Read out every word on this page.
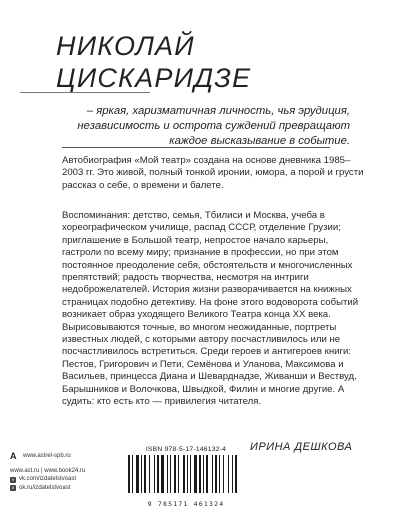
НИКОЛАЙ
ЦИСКАРИДЗЕ
– яркая, харизматичная личность, чья эрудиция, независимость и острота суждений превращают каждое высказывание в событие.
Автобиография «Мой театр» создана на основе дневника 1985–2003 гг. Это живой, полный тонкой иронии, юмора, а порой и грусти рассказ о себе, о времени и балете.
Воспоминания: детство, семья, Тбилиси и Москва, учеба в хореографическом училище, распад СССР, отделение Грузии; приглашение в Большой театр, непростое начало карьеры, гастроли по всему миру; признание в профессии, но при этом постоянное преодоление себя, обстоятельств и многочисленных препятствий; радость творчества, несмотря на интриги недоброжелателей. История жизни разворачивается на книжных страницах подобно детективу. На фоне этого водоворота событий возникает образ уходящего Великого Театра конца XX века. Вырисовываются точные, во многом неожиданные, портреты известных людей, с которыми автору посчастливилось или не посчастливилось встретиться. Среди героев и антигероев книги: Пестов, Григорович и Пети, Семёнова и Уланова, Максимова и Васильев, принцесса Диана и Шеварднадзе, Живанши и Вествуд, Барышников и Волочкова, Швыдкой, Филин и многие другие. А судить: кто есть кто — привилегия читателя.
ИРИНА ДЕШКОВА
A	www.astrel-spb.ru
www.ast.ru | www.book24.ru
v vk.com/izdatelstvoast
o ok.ru/izdatelstvoast
ISBN 978-5-17-146132-4
9 785171 461324
